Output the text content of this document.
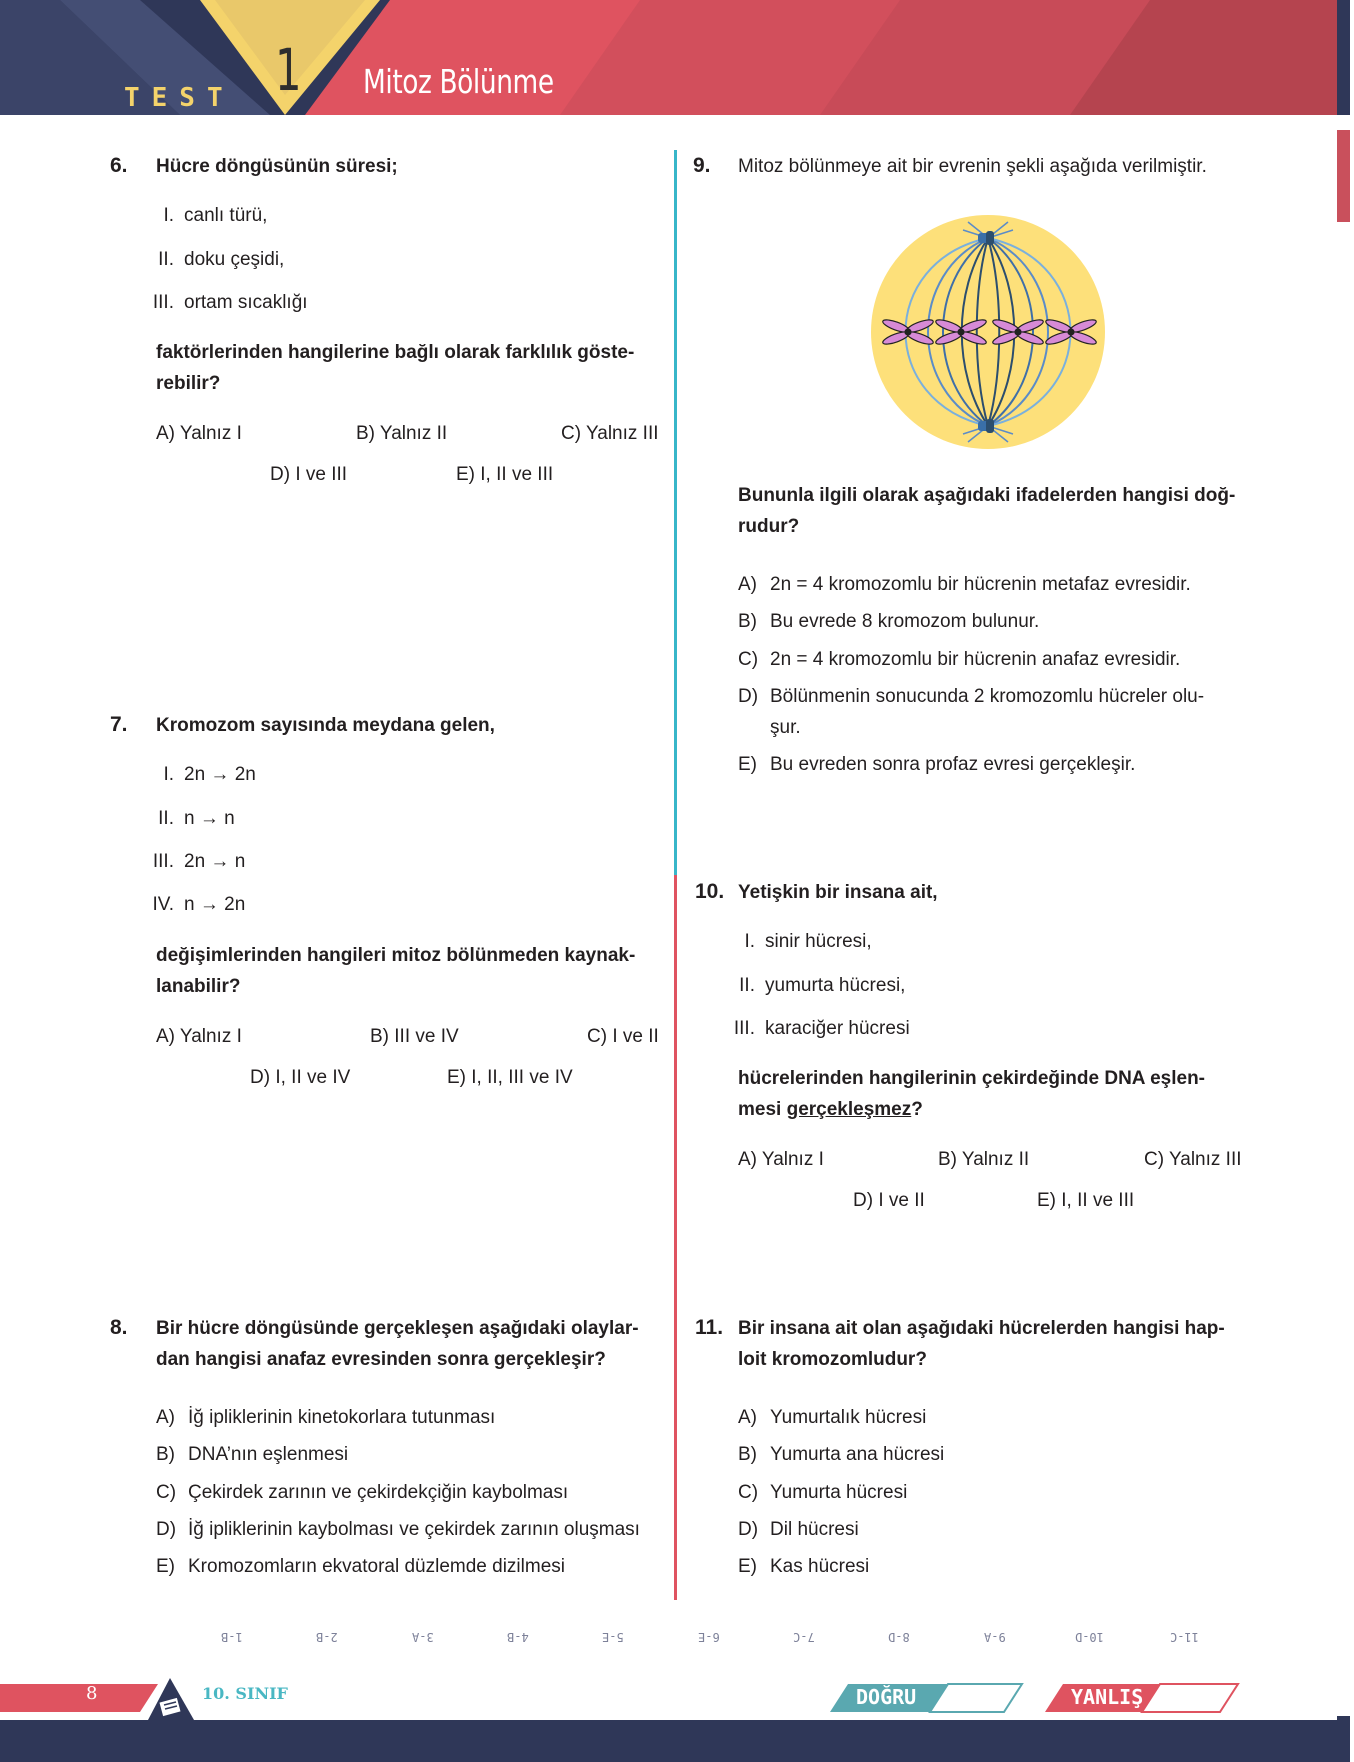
TEST 1 Mitoz Bölünme
6. Hücre döngüsünün süresi;
I. canlı türü,
II. doku çeşidi,
III. ortam sıcaklığı
faktörlerinden hangilerine bağlı olarak farklılık göste-
rebilir?
A) Yalnız I	B) Yalnız II	C) Yalnız III
D) I ve III	E) I, II ve III
7. Kromozom sayısında meydana gelen,
I. 2n → 2n
II. n → n
III. 2n → n
IV. n → 2n
değişimlerinden hangileri mitoz bölünmeden kaynak-
lanabilir?
A) Yalnız I	B) III ve IV	C) I ve II
D) I, II ve IV	E) I, II, III ve IV
8. Bir hücre döngüsünde gerçekleşen aşağıdaki olaylar-
dan hangisi anafaz evresinden sonra gerçekleşir?
A) İğ ipliklerinin kinetokorlara tutunması
B) DNA’nın eşlenmesi
C) Çekirdek zarının ve çekirdekçiğin kaybolması
D) İğ ipliklerinin kaybolması ve çekirdek zarının oluşması
E) Kromozomların ekvatoral düzlemde dizilmesi
9. Mitoz bölünmeye ait bir evrenin şekli aşağıda verilmiştir.
Bununla ilgili olarak aşağıdaki ifadelerden hangisi doğ-
rudur?
A) 2n = 4 kromozomlu bir hücrenin metafaz evresidir.
B) Bu evrede 8 kromozom bulunur.
C) 2n = 4 kromozomlu bir hücrenin anafaz evresidir.
D) Bölünmenin sonucunda 2 kromozomlu hücreler olu-
şur.
E) Bu evreden sonra profaz evresi gerçekleşir.
10. Yetişkin bir insana ait,
I. sinir hücresi,
II. yumurta hücresi,
III. karaciğer hücresi
hücrelerinden hangilerinin çekirdeğinde DNA eşlen-
mesi gerçekleşmez?
A) Yalnız I	B) Yalnız II	C) Yalnız III
D) I ve II	E) I, II ve III
11. Bir insana ait olan aşağıdaki hücrelerden hangisi hap-
loit kromozomludur?
A) Yumurtalık hücresi
B) Yumurta ana hücresi
C) Yumurta hücresi
D) Dil hücresi
E) Kas hücresi
1-B	2-B	3-A	4-B	5-E	6-E	7-C	8-D	9-A	10-D	11-C
8	10. SINIF	DOĞRU	YANLIŞ
